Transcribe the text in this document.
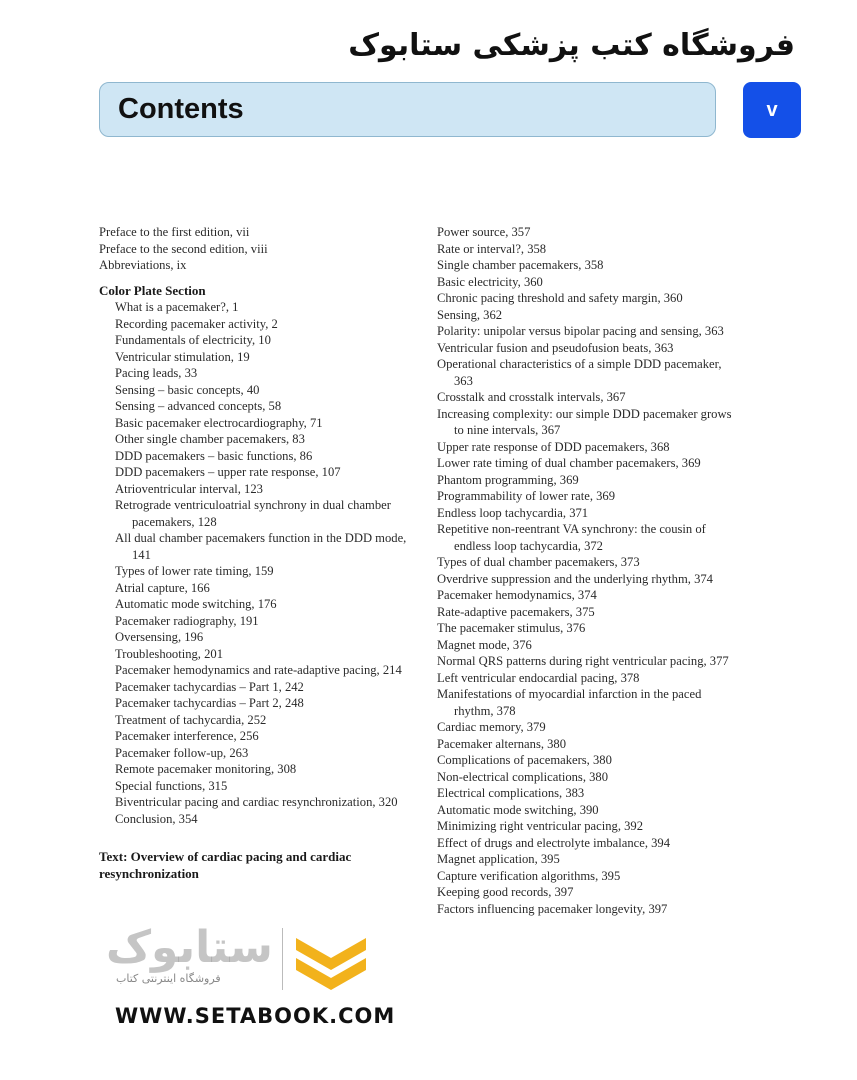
فروشگاه کتب پزشکی ستابوک
Contents	v
Preface to the first edition, vii
Preface to the second edition, viii
Abbreviations, ix
Color Plate Section
What is a pacemaker?, 1
Recording pacemaker activity, 2
Fundamentals of electricity, 10
Ventricular stimulation, 19
Pacing leads, 33
Sensing – basic concepts, 40
Sensing – advanced concepts, 58
Basic pacemaker electrocardiography, 71
Other single chamber pacemakers, 83
DDD pacemakers – basic functions, 86
DDD pacemakers – upper rate response, 107
Atrioventricular interval, 123
Retrograde ventriculoatrial synchrony in dual chamber pacemakers, 128
All dual chamber pacemakers function in the DDD mode, 141
Types of lower rate timing, 159
Atrial capture, 166
Automatic mode switching, 176
Pacemaker radiography, 191
Oversensing, 196
Troubleshooting, 201
Pacemaker hemodynamics and rate-adaptive pacing, 214
Pacemaker tachycardias – Part 1, 242
Pacemaker tachycardias – Part 2, 248
Treatment of tachycardia, 252
Pacemaker interference, 256
Pacemaker follow-up, 263
Remote pacemaker monitoring, 308
Special functions, 315
Biventricular pacing and cardiac resynchronization, 320
Conclusion, 354
Text: Overview of cardiac pacing and cardiac resynchronization
Power source, 357
Rate or interval?, 358
Single chamber pacemakers, 358
Basic electricity, 360
Chronic pacing threshold and safety margin, 360
Sensing, 362
Polarity: unipolar versus bipolar pacing and sensing, 363
Ventricular fusion and pseudofusion beats, 363
Operational characteristics of a simple DDD pacemaker, 363
Crosstalk and crosstalk intervals, 367
Increasing complexity: our simple DDD pacemaker grows to nine intervals, 367
Upper rate response of DDD pacemakers, 368
Lower rate timing of dual chamber pacemakers, 369
Phantom programming, 369
Programmability of lower rate, 369
Endless loop tachycardia, 371
Repetitive non-reentrant VA synchrony: the cousin of endless loop tachycardia, 372
Types of dual chamber pacemakers, 373
Overdrive suppression and the underlying rhythm, 374
Pacemaker hemodynamics, 374
Rate-adaptive pacemakers, 375
The pacemaker stimulus, 376
Magnet mode, 376
Normal QRS patterns during right ventricular pacing, 377
Left ventricular endocardial pacing, 378
Manifestations of myocardial infarction in the paced rhythm, 378
Cardiac memory, 379
Pacemaker alternans, 380
Complications of pacemakers, 380
Non-electrical complications, 380
Electrical complications, 383
Automatic mode switching, 390
Minimizing right ventricular pacing, 392
Effect of drugs and electrolyte imbalance, 394
Magnet application, 395
Capture verification algorithms, 395
Keeping good records, 397
Factors influencing pacemaker longevity, 397
ستابوک
فروشگاه اینترنتی کتاب
WWW.SETABOOK.COM
